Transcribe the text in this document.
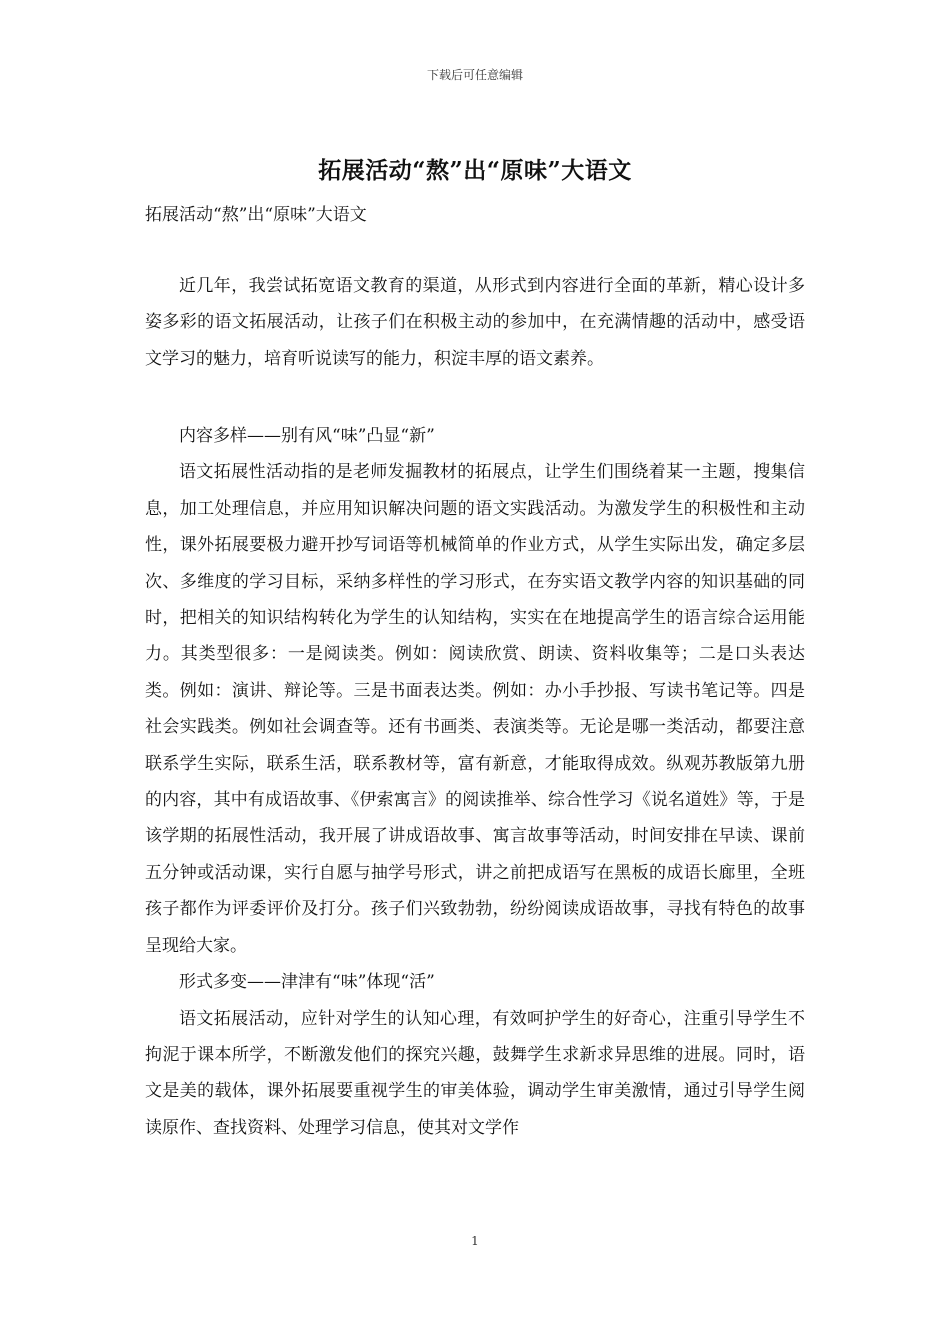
下载后可任意编辑
拓展活动“熬”出“原味”大语文
拓展活动“熬”出“原味”大语文

近几年，我尝试拓宽语文教育的渠道，从形式到内容进行全面的革新，精心设计多姿多彩的语文拓展活动，让孩子们在积极主动的参加中，在充满情趣的活动中，感受语文学习的魅力，培育听说读写的能力，积淀丰厚的语文素养。

内容多样——别有风“味”凸显“新”

语文拓展性活动指的是老师发掘教材的拓展点，让学生们围绕着某一主题，搜集信息，加工处理信息，并应用知识解决问题的语文实践活动。为激发学生的积极性和主动性，课外拓展要极力避开抄写词语等机械简单的作业方式，从学生实际出发，确定多层次、多维度的学习目标，采纳多样性的学习形式，在夯实语文教学内容的知识基础的同时，把相关的知识结构转化为学生的认知结构，实实在在地提高学生的语言综合运用能力。其类型很多：一是阅读类。例如：阅读欣赏、朗读、资料收集等；二是口头表达类。例如：演讲、辩论等。三是书面表达类。例如：办小手抄报、写读书笔记等。四是社会实践类。例如社会调查等。还有书画类、表演类等。无论是哪一类活动，都要注意联系学生实际，联系生活，联系教材等，富有新意，才能取得成效。纵观苏教版第九册的内容，其中有成语故事、《伊索寓言》的阅读推举、综合性学习《说名道姓》等，于是该学期的拓展性活动，我开展了讲成语故事、寓言故事等活动，时间安排在早读、课前五分钟或活动课，实行自愿与抽学号形式，讲之前把成语写在黑板的成语长廊里，全班孩子都作为评委评价及打分。孩子们兴致勃勃，纷纷阅读成语故事，寻找有特色的故事呈现给大家。

形式多变——津津有“味”体现“活”

语文拓展活动，应针对学生的认知心理，有效呵护学生的好奇心，注重引导学生不拘泥于课本所学，不断激发他们的探究兴趣，鼓舞学生求新求异思维的进展。同时，语文是美的载体，课外拓展要重视学生的审美体验，调动学生审美激情，通过引导学生阅读原作、查找资料、处理学习信息，使其对文学作

1
